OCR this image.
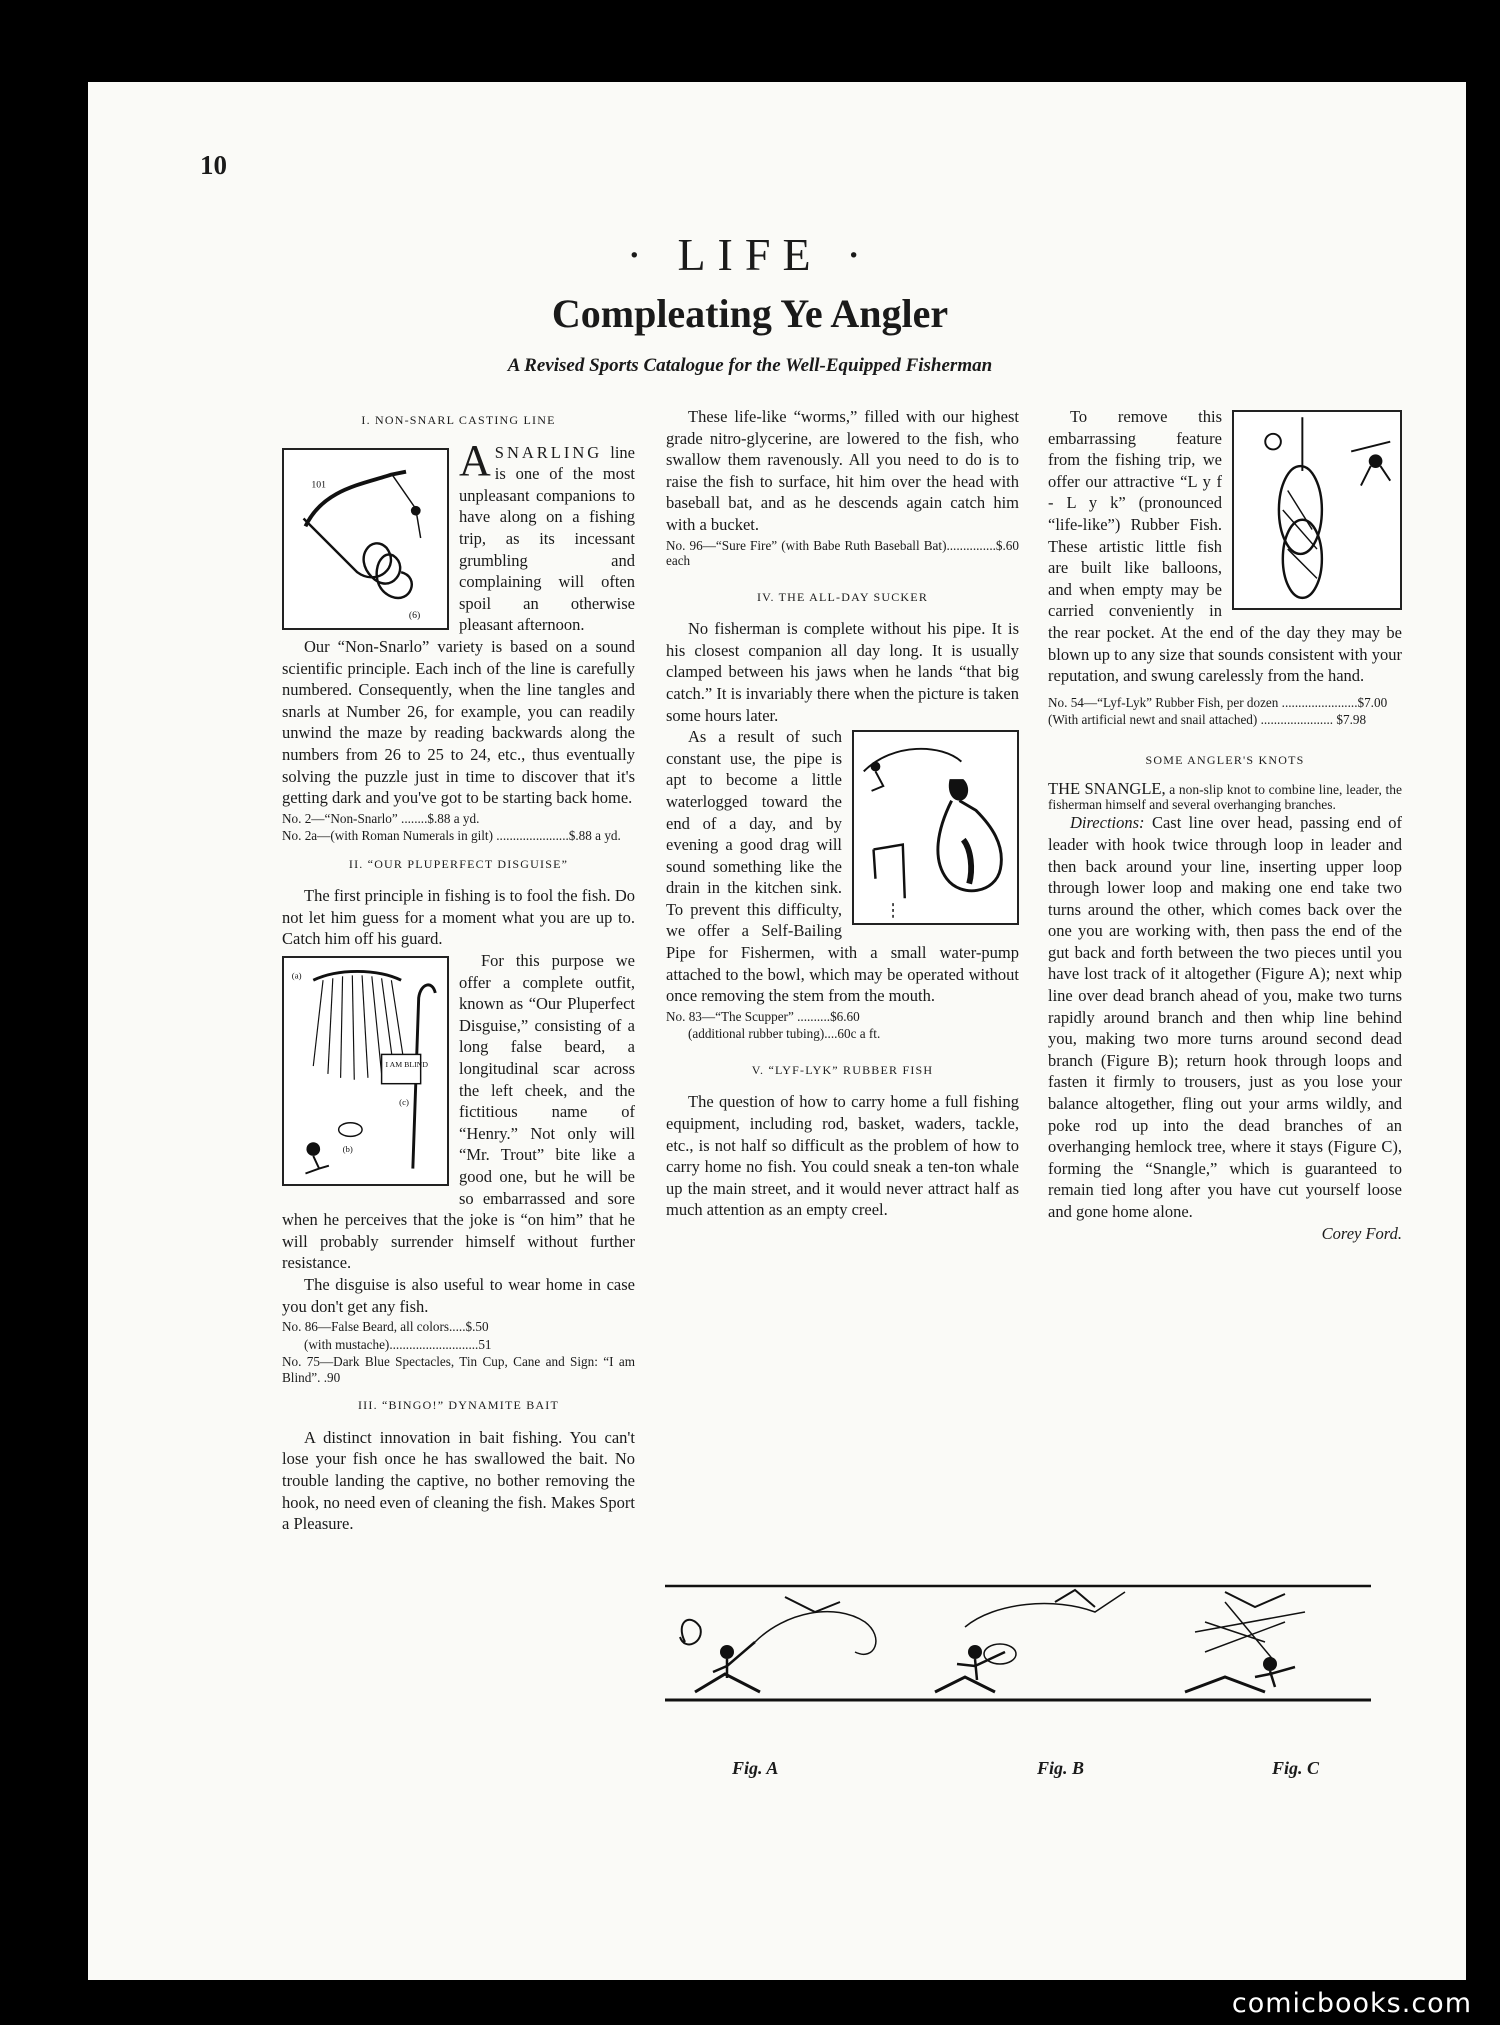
10
· LIFE ·
Compleating Ye Angler
A Revised Sports Catalogue for the Well-Equipped Fisherman
I. NON-SNARL CASTING LINE
101
(6)

ASNARLING line is one of the most unpleasant companions to have along on a fishing trip, as its incessant grumbling and complaining will often spoil an otherwise pleasant afternoon.

Our “Non-Snarlo” variety is based on a sound scientific principle. Each inch of the line is carefully numbered. Consequently, when the line tangles and snarls at Number 26, for example, you can readily unwind the maze by reading backwards along the numbers from 26 to 25 to 24, etc., thus eventually solving the puzzle just in time to discover that it's getting dark and you've got to be starting back home.

No. 2—“Non-Snarlo” ........$.88 a yd.
No. 2a—(with Roman Numerals in gilt) ......................$.88 a yd.
II. “OUR PLUPERFECT DISGUISE”

The first principle in fishing is to fool the fish. Do not let him guess for a moment what you are up to. Catch him off his guard.

I AM BLIND
(a)
(b)
(c)

For this purpose we offer a complete outfit, known as “Our Pluperfect Disguise,” consisting of a long false beard, a longitudinal scar across the left cheek, and the fictitious name of “Henry.” Not only will “Mr. Trout” bite like a good one, but he will be so embarrassed and sore when he perceives that the joke is “on him” that he will probably surrender himself without further resistance.

The disguise is also useful to wear home in case you don't get any fish.

No. 86—False Beard, all colors.....$.50
(with mustache)...........................51
No. 75—Dark Blue Spectacles, Tin Cup, Cane and Sign: “I am Blind”. .90
III. “BINGO!” DYNAMITE BAIT

A distinct innovation in bait fishing. You can't lose your fish once he has swallowed the bait. No trouble landing the captive, no bother removing the hook, no need even of cleaning the fish. Makes Sport a Pleasure.

These life-like “worms,” filled with our highest grade nitro-glycerine, are lowered to the fish, who swallow them ravenously. All you need to do is to raise the fish to surface, hit him over the head with baseball bat, and as he descends again catch him with a bucket.

No. 96—“Sure Fire” (with Babe Ruth Baseball Bat)...............$.60 each
IV. THE ALL-DAY SUCKER

No fisherman is complete without his pipe. It is his closest companion all day long. It is usually clamped between his jaws when he lands “that big catch.” It is invariably there when the picture is taken some hours later.

As a result of such constant use, the pipe is apt to become a little waterlogged toward the end of a day, and by evening a good drag will sound something like the drain in the kitchen sink. To prevent this difficulty, we offer a Self-Bailing Pipe for Fishermen, with a small water-pump attached to the bowl, which may be operated without once removing the stem from the mouth.

No. 83—“The Scupper” ..........$6.60
(additional rubber tubing)....60c a ft.
V. “LYF-LYK” RUBBER FISH

The question of how to carry home a full fishing equipment, including rod, basket, waders, tackle, etc., is not half so difficult as the problem of how to carry home no fish. You could sneak a ten-ton whale up the main street, and it would never attract half as much attention as an empty creel.

To remove this embarrassing feature from the fishing trip, we offer our attractive “L y f - L y k” (pronounced “life-like”) Rubber Fish. These artistic little fish are built like balloons, and when empty may be carried conveniently in the rear pocket. At the end of the day they may be blown up to any size that sounds consistent with your reputation, and swung carelessly from the hand.

No. 54—“Lyf-Lyk” Rubber Fish, per dozen .......................$7.00
(With artificial newt and snail attached) ...................... $7.98
SOME ANGLER'S KNOTS

THE SNANGLE, a non-slip knot to combine line, leader, the fisherman himself and several overhanging branches.

Directions: Cast line over head, passing end of leader with hook twice through loop in leader and then back around your line, inserting upper loop through lower loop and making one end take two turns around the other, which comes back over the one you are working with, then pass the end of the gut back and forth between the two pieces until you have lost track of it altogether (Figure A); next whip line over dead branch ahead of you, make two turns rapidly around branch and then whip line behind you, making two more turns around second dead branch (Figure B); return hook through loops and fasten it firmly to trousers, just as you lose your balance altogether, fling out your arms wildly, and poke rod up into the dead branches of an overhanging hemlock tree, where it stays (Figure C), forming the “Snangle,” which is guaranteed to remain tied long after you have cut yourself loose and gone home alone.

Corey Ford.
Fig. A	Fig. B	Fig. C
comicbooks.com
